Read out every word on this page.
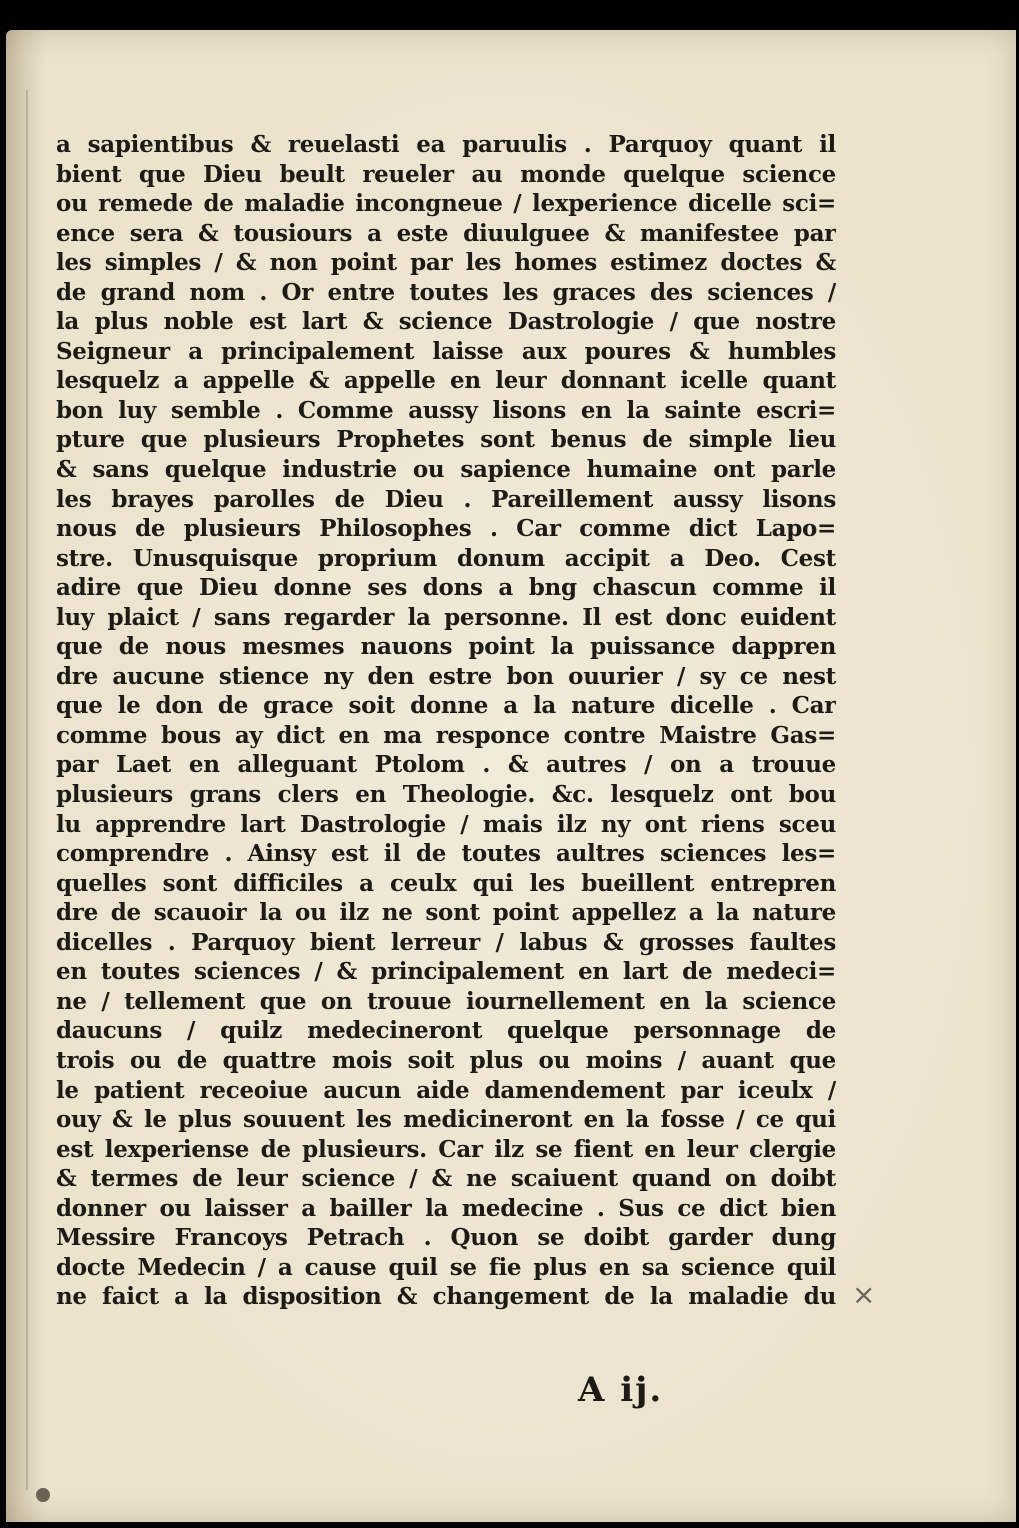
a sapientibus & reuelasti ea paruulis . Parquoy quant il
bient que Dieu beult reueler au monde quelque science
ou remede de maladie incongneue / lexperience dicelle sci=
ence sera & tousiours a este diuulguee & manifestee par
les simples / & non point par les homes estimez doctes &
de grand nom . Or entre toutes les graces des sciences /
la plus noble est lart & science Dastrologie / que nostre
Seigneur a principalement laisse aux poures & humbles
lesquelz a appelle & appelle en leur donnant icelle quant
bon luy semble . Comme aussy lisons en la sainte escri=
pture que plusieurs Prophetes sont benus de simple lieu
& sans quelque industrie ou sapience humaine ont parle
les brayes parolles de Dieu . Pareillement aussy lisons
nous de plusieurs Philosophes . Car comme dict Lapo=
stre. Unusquisque proprium donum accipit a Deo. Cest
adire que Dieu donne ses dons a bng chascun comme il
luy plaict / sans regarder la personne. Il est donc euident
que de nous mesmes nauons point la puissance dappren
dre aucune stience ny den estre bon ouurier / sy ce nest
que le don de grace soit donne a la nature dicelle . Car
comme bous ay dict en ma responce contre Maistre Gas=
par Laet en alleguant Ptolom . & autres / on a trouue
plusieurs grans clers en Theologie. &c. lesquelz ont bou
lu apprendre lart Dastrologie / mais ilz ny ont riens sceu
comprendre . Ainsy est il de toutes aultres sciences les=
quelles sont difficiles a ceulx qui les bueillent entrepren
dre de scauoir la ou ilz ne sont point appellez a la nature
dicelles . Parquoy bient lerreur / labus & grosses faultes
en toutes sciences / & principalement en lart de medeci=
ne / tellement que on trouue iournellement en la science
daucuns / quilz medecineront quelque personnage de
trois ou de quattre mois soit plus ou moins / auant que
le patient receoiue aucun aide damendement par iceulx /
ouy & le plus souuent les medicineront en la fosse / ce qui
est lexperiense de plusieurs. Car ilz se fient en leur clergie
& termes de leur science / & ne scaiuent quand on doibt
donner ou laisser a bailler la medecine . Sus ce dict bien
Messire Francoys Petrach . Quon se doibt garder dung
docte Medecin / a cause quil se fie plus en sa science quil
ne faict a la disposition & changement de la maladie du
A ij.
×
